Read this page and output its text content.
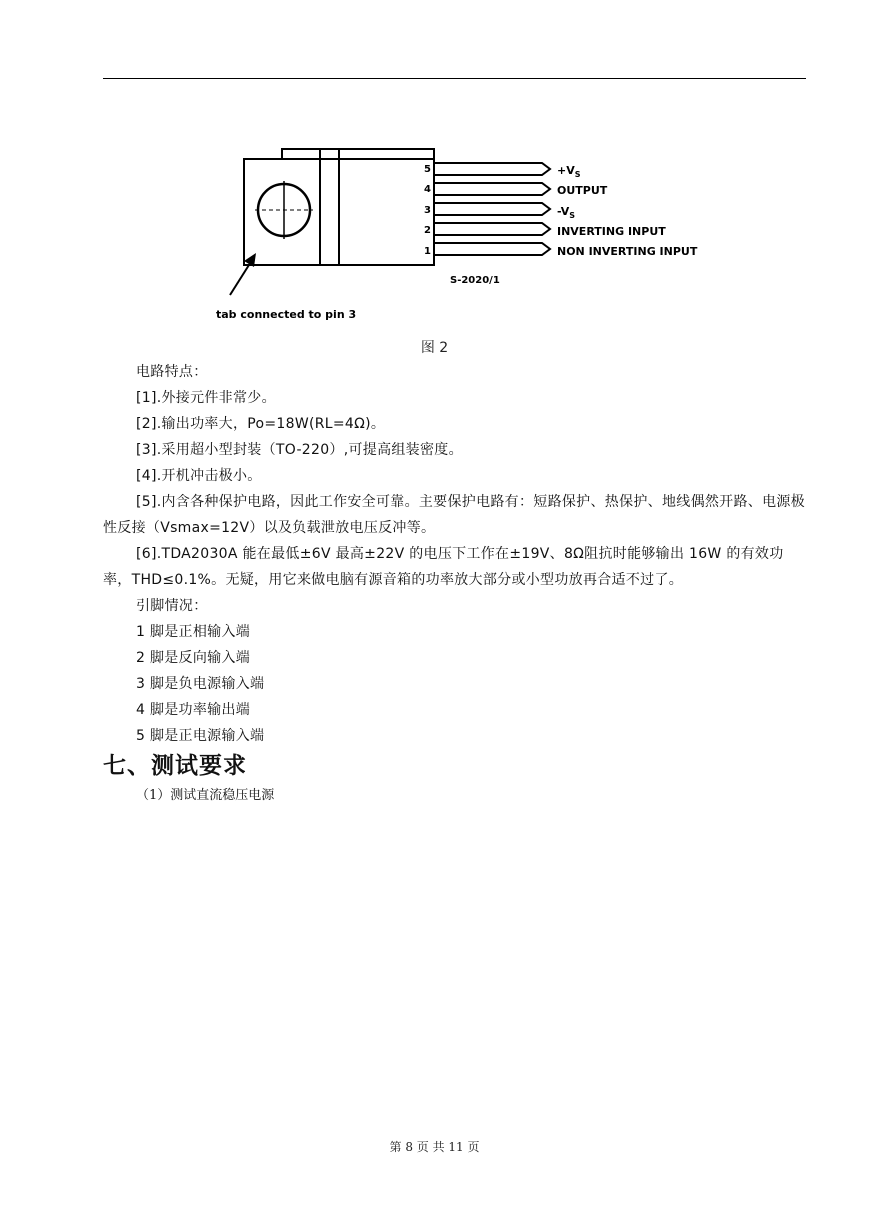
5	$+V_S$
4	OUTPUT
3	$-V_S$
2	INVERTING INPUT
1	NON INVERTING INPUT
S-2020/1
tab connected to pin 3
图 2

电路特点：

[1].外接元件非常少。

[2].输出功率大，Po=18W(RL=4Ω)。

[3].采用超小型封装（TO-220）,可提高组装密度。

[4].开机冲击极小。

[5].内含各种保护电路，因此工作安全可靠。主要保护电路有：短路保护、热保护、地线偶然开路、电源极性反接（Vsmax=12V）以及负载泄放电压反冲等。

[6].TDA2030A 能在最低±6V 最高±22V 的电压下工作在±19V、8Ω阻抗时能够输出 16W 的有效功率，THD≤0.1%。无疑，用它来做电脑有源音箱的功率放大部分或小型功放再合适不过了。

引脚情况：

1 脚是正相输入端

2 脚是反向输入端

3 脚是负电源输入端

4 脚是功率输出端

5 脚是正电源输入端

七、测试要求

（1）测试直流稳压电源

第 8 页 共 11 页
